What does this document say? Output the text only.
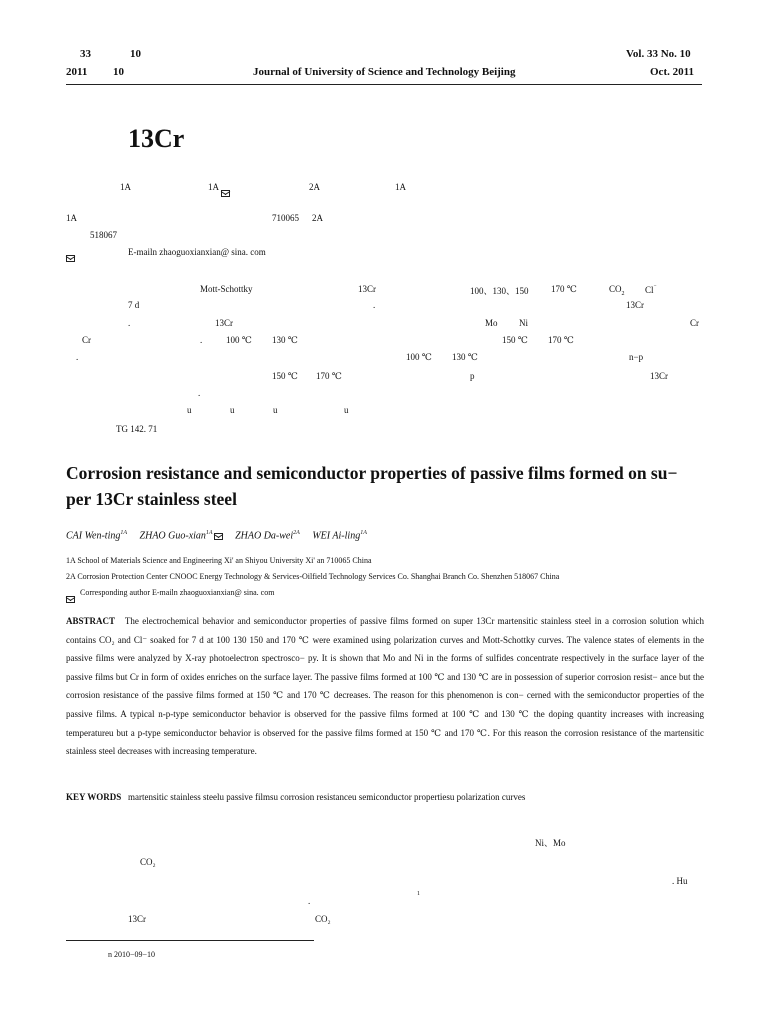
33	10
2011 10	Journal of University of Science and Technology Beijing
Vol. 33 No. 10
Oct. 2011
13Cr
1A	1A	2A	1A
1A	710065 2A
518067
E-mailn zhaoguoxianxian@ sina. com
Mott-Schottky	13Cr	100、130、150 170 ℃	$CO_2$ Cl⁻
7 d	13Cr
.
13Cr	Mo Ni	Cr
.
Cr	.	100 ℃ 130 ℃	150 ℃ 170 ℃
.	100 ℃ 130 ℃	n−p
150 ℃ 170 ℃	p	13Cr
.
u	u	u	u
TG 142. 71
Corrosion resistance and semiconductor properties of passive films formed on su− per 13Cr stainless steel
CAI Wen-ting$^{1A}$ ZHAO Guo-xian$^{1A}$ ZHAO Da-wei$^{2A}$ WEI Ai-ling$^{1A}$
1A School of Materials Science and Engineering Xi' an Shiyou University Xi' an 710065 China
2A Corrosion Protection Center CNOOC Energy Technology & Services-Oilfield Technology Services Co. Shanghai Branch Co. Shenzhen 518067 China
Corresponding author E-mailn zhaoguoxianxian@ sina. com
ABSTRACT The electrochemical behavior and semiconductor properties of passive films formed on super 13Cr martensitic stainless steel in a corrosion solution which contains CO₂ and Cl⁻ soaked for 7 d at 100 130 150 and 170 ℃ were examined using polarization curves and Mott-Schottky curves. The valence states of elements in the passive films were analyzed by X-ray photoelectron spectrosco− py. It is shown that Mo and Ni in the forms of sulfides concentrate respectively in the surface layer of the passive films but Cr in form of oxides enriches on the surface layer. The passive films formed at 100 ℃ and 130 ℃ are in possession of superior corrosion resist− ance but the corrosion resistance of the passive films formed at 150 ℃ and 170 ℃ decreases. The reason for this phenomenon is con− cerned with the semiconductor properties of the passive films. A typical n-p-type semiconductor behavior is observed for the passive films formed at 100 ℃ and 130 ℃ the doping quantity increases with increasing temperatureu but a p-type semiconductor behavior is observed for the passive films formed at 150 ℃ and 170 ℃. For this reason the corrosion resistance of the martensitic stainless steel decreases with increasing temperature.
KEY WORDS martensitic stainless steelu passive filmsu corrosion resistanceu semiconductor propertiesu polarization curves
Ni、Mo
CO₂
. Hu
1
.
13Cr	CO₂
n 2010−09−10
